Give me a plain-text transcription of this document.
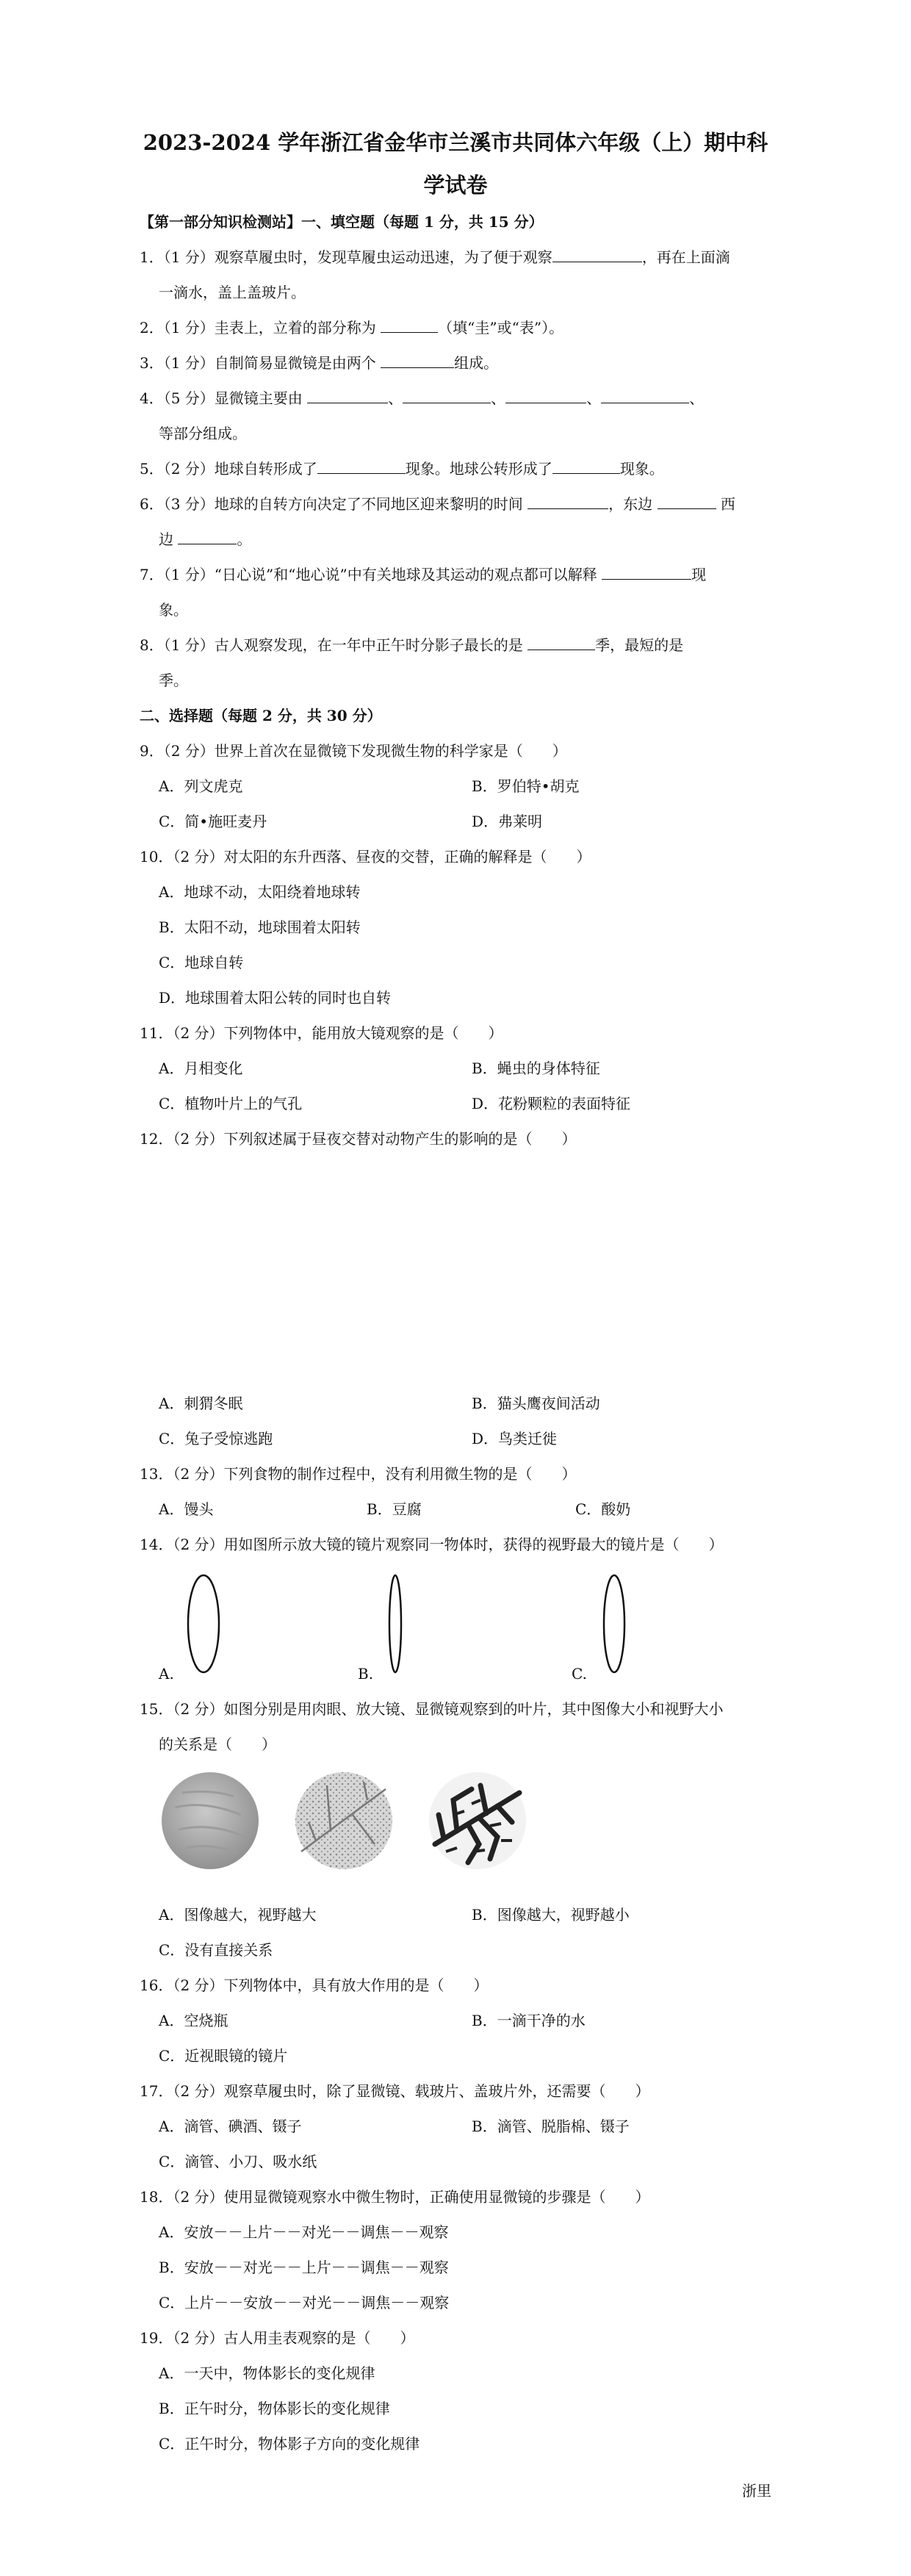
2023-2024 学年浙江省金华市兰溪市共同体六年级（上）期中科
学试卷
【第一部分知识检测站】一、填空题（每题 1 分，共 15 分）
1．（1 分）观察草履虫时，发现草履虫运动迅速，为了便于观察	，再在上面滴
一滴水，盖上盖玻片。
2．（1 分）圭表上，立着的部分称为	（填“圭”或“表”）。
3．（1 分）自制简易显微镜是由两个	组成。
4．（5 分）显微镜主要由	、	、	、	、
等部分组成。
5．（2 分）地球自转形成了	现象。地球公转形成了	现象。
6．（3 分）地球的自转方向决定了不同地区迎来黎明的时间	，东边	西
边	。
7．（1 分）“日心说”和“地心说”中有关地球及其运动的观点都可以解释	现
象。
8．（1 分）古人观察发现，在一年中正午时分影子最长的是	季，最短的是
季。
二、选择题（每题 2 分，共 30 分）
9．（2 分）世界上首次在显微镜下发现微生物的科学家是（　　）
A．列文虎克	B．罗伯特•胡克
C．简•施旺麦丹	D．弗莱明
10．（2 分）对太阳的东升西落、昼夜的交替，正确的解释是（　　）
A．地球不动，太阳绕着地球转
B．太阳不动，地球围着太阳转
C．地球自转
D．地球围着太阳公转的同时也自转
11．（2 分）下列物体中，能用放大镜观察的是（　　）
A．月相变化	B．蝇虫的身体特征
C．植物叶片上的气孔	D．花粉颗粒的表面特征
12．（2 分）下列叙述属于昼夜交替对动物产生的影响的是（　　）
A．刺猬冬眠	B．猫头鹰夜间活动
C．兔子受惊逃跑	D．鸟类迁徙
13．（2 分）下列食物的制作过程中，没有利用微生物的是（　　）
A．馒头	B．豆腐	C．酸奶
14．（2 分）用如图所示放大镜的镜片观察同一物体时，获得的视野最大的镜片是（　　）
A.	B.	C.
15．（2 分）如图分别是用肉眼、放大镜、显微镜观察到的叶片，其中图像大小和视野大小
的关系是（　　）
A．图像越大，视野越大	B．图像越大，视野越小
C．没有直接关系
16．（2 分）下列物体中，具有放大作用的是（　　）
A．空烧瓶	B．一滴干净的水
C．近视眼镜的镜片
17．（2 分）观察草履虫时，除了显微镜、载玻片、盖玻片外，还需要（　　）
A．滴管、碘酒、镊子	B．滴管、脱脂棉、镊子
C．滴管、小刀、吸水纸
18．（2 分）使用显微镜观察水中微生物时，正确使用显微镜的步骤是（　　）
A．安放－－上片－－对光－－调焦－－观察
B．安放－－对光－－上片－－调焦－－观察
C．上片－－安放－－对光－－调焦－－观察
19．（2 分）古人用圭表观察的是（　　）
A．一天中，物体影长的变化规律
B．正午时分，物体影长的变化规律
C．正午时分，物体影子方向的变化规律
浙里
